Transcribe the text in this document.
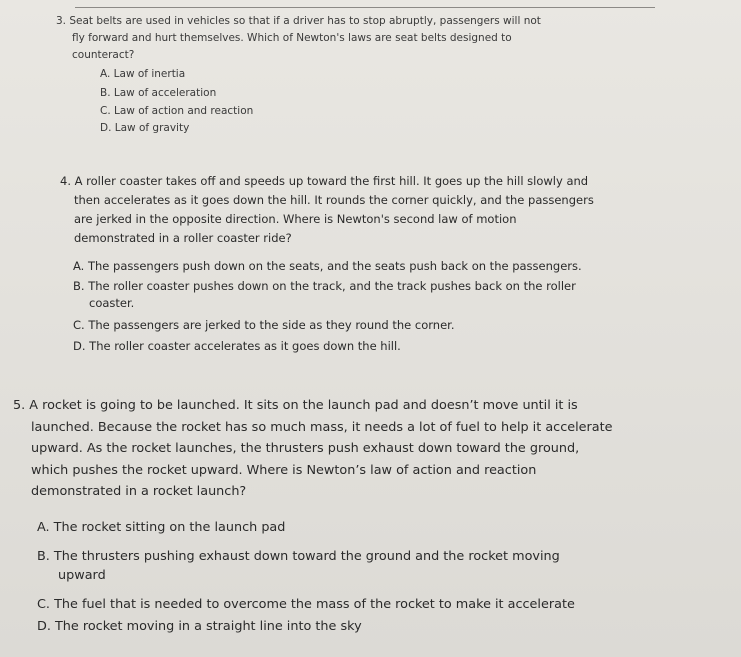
3. Seat belts are used in vehicles so that if a driver has to stop abruptly, passengers will not

fly forward and hurt themselves. Which of Newton's laws are seat belts designed to

counteract?

A. Law of inertia

B. Law of acceleration

C. Law of action and reaction

D. Law of gravity

4. A roller coaster takes off and speeds up toward the first hill. It goes up the hill slowly and

then accelerates as it goes down the hill. It rounds the corner quickly, and the passengers

are jerked in the opposite direction. Where is Newton's second law of motion

demonstrated in a roller coaster ride?

A. The passengers push down on the seats, and the seats push back on the passengers.

B. The roller coaster pushes down on the track, and the track pushes back on the roller

coaster.

C. The passengers are jerked to the side as they round the corner.

D. The roller coaster accelerates as it goes down the hill.

5. A rocket is going to be launched. It sits on the launch pad and doesn’t move until it is

launched. Because the rocket has so much mass, it needs a lot of fuel to help it accelerate

upward. As the rocket launches, the thrusters push exhaust down toward the ground,

which pushes the rocket upward. Where is Newton’s law of action and reaction

demonstrated in a rocket launch?

A. The rocket sitting on the launch pad

B. The thrusters pushing exhaust down toward the ground and the rocket moving

upward

C. The fuel that is needed to overcome the mass of the rocket to make it accelerate

D. The rocket moving in a straight line into the sky
